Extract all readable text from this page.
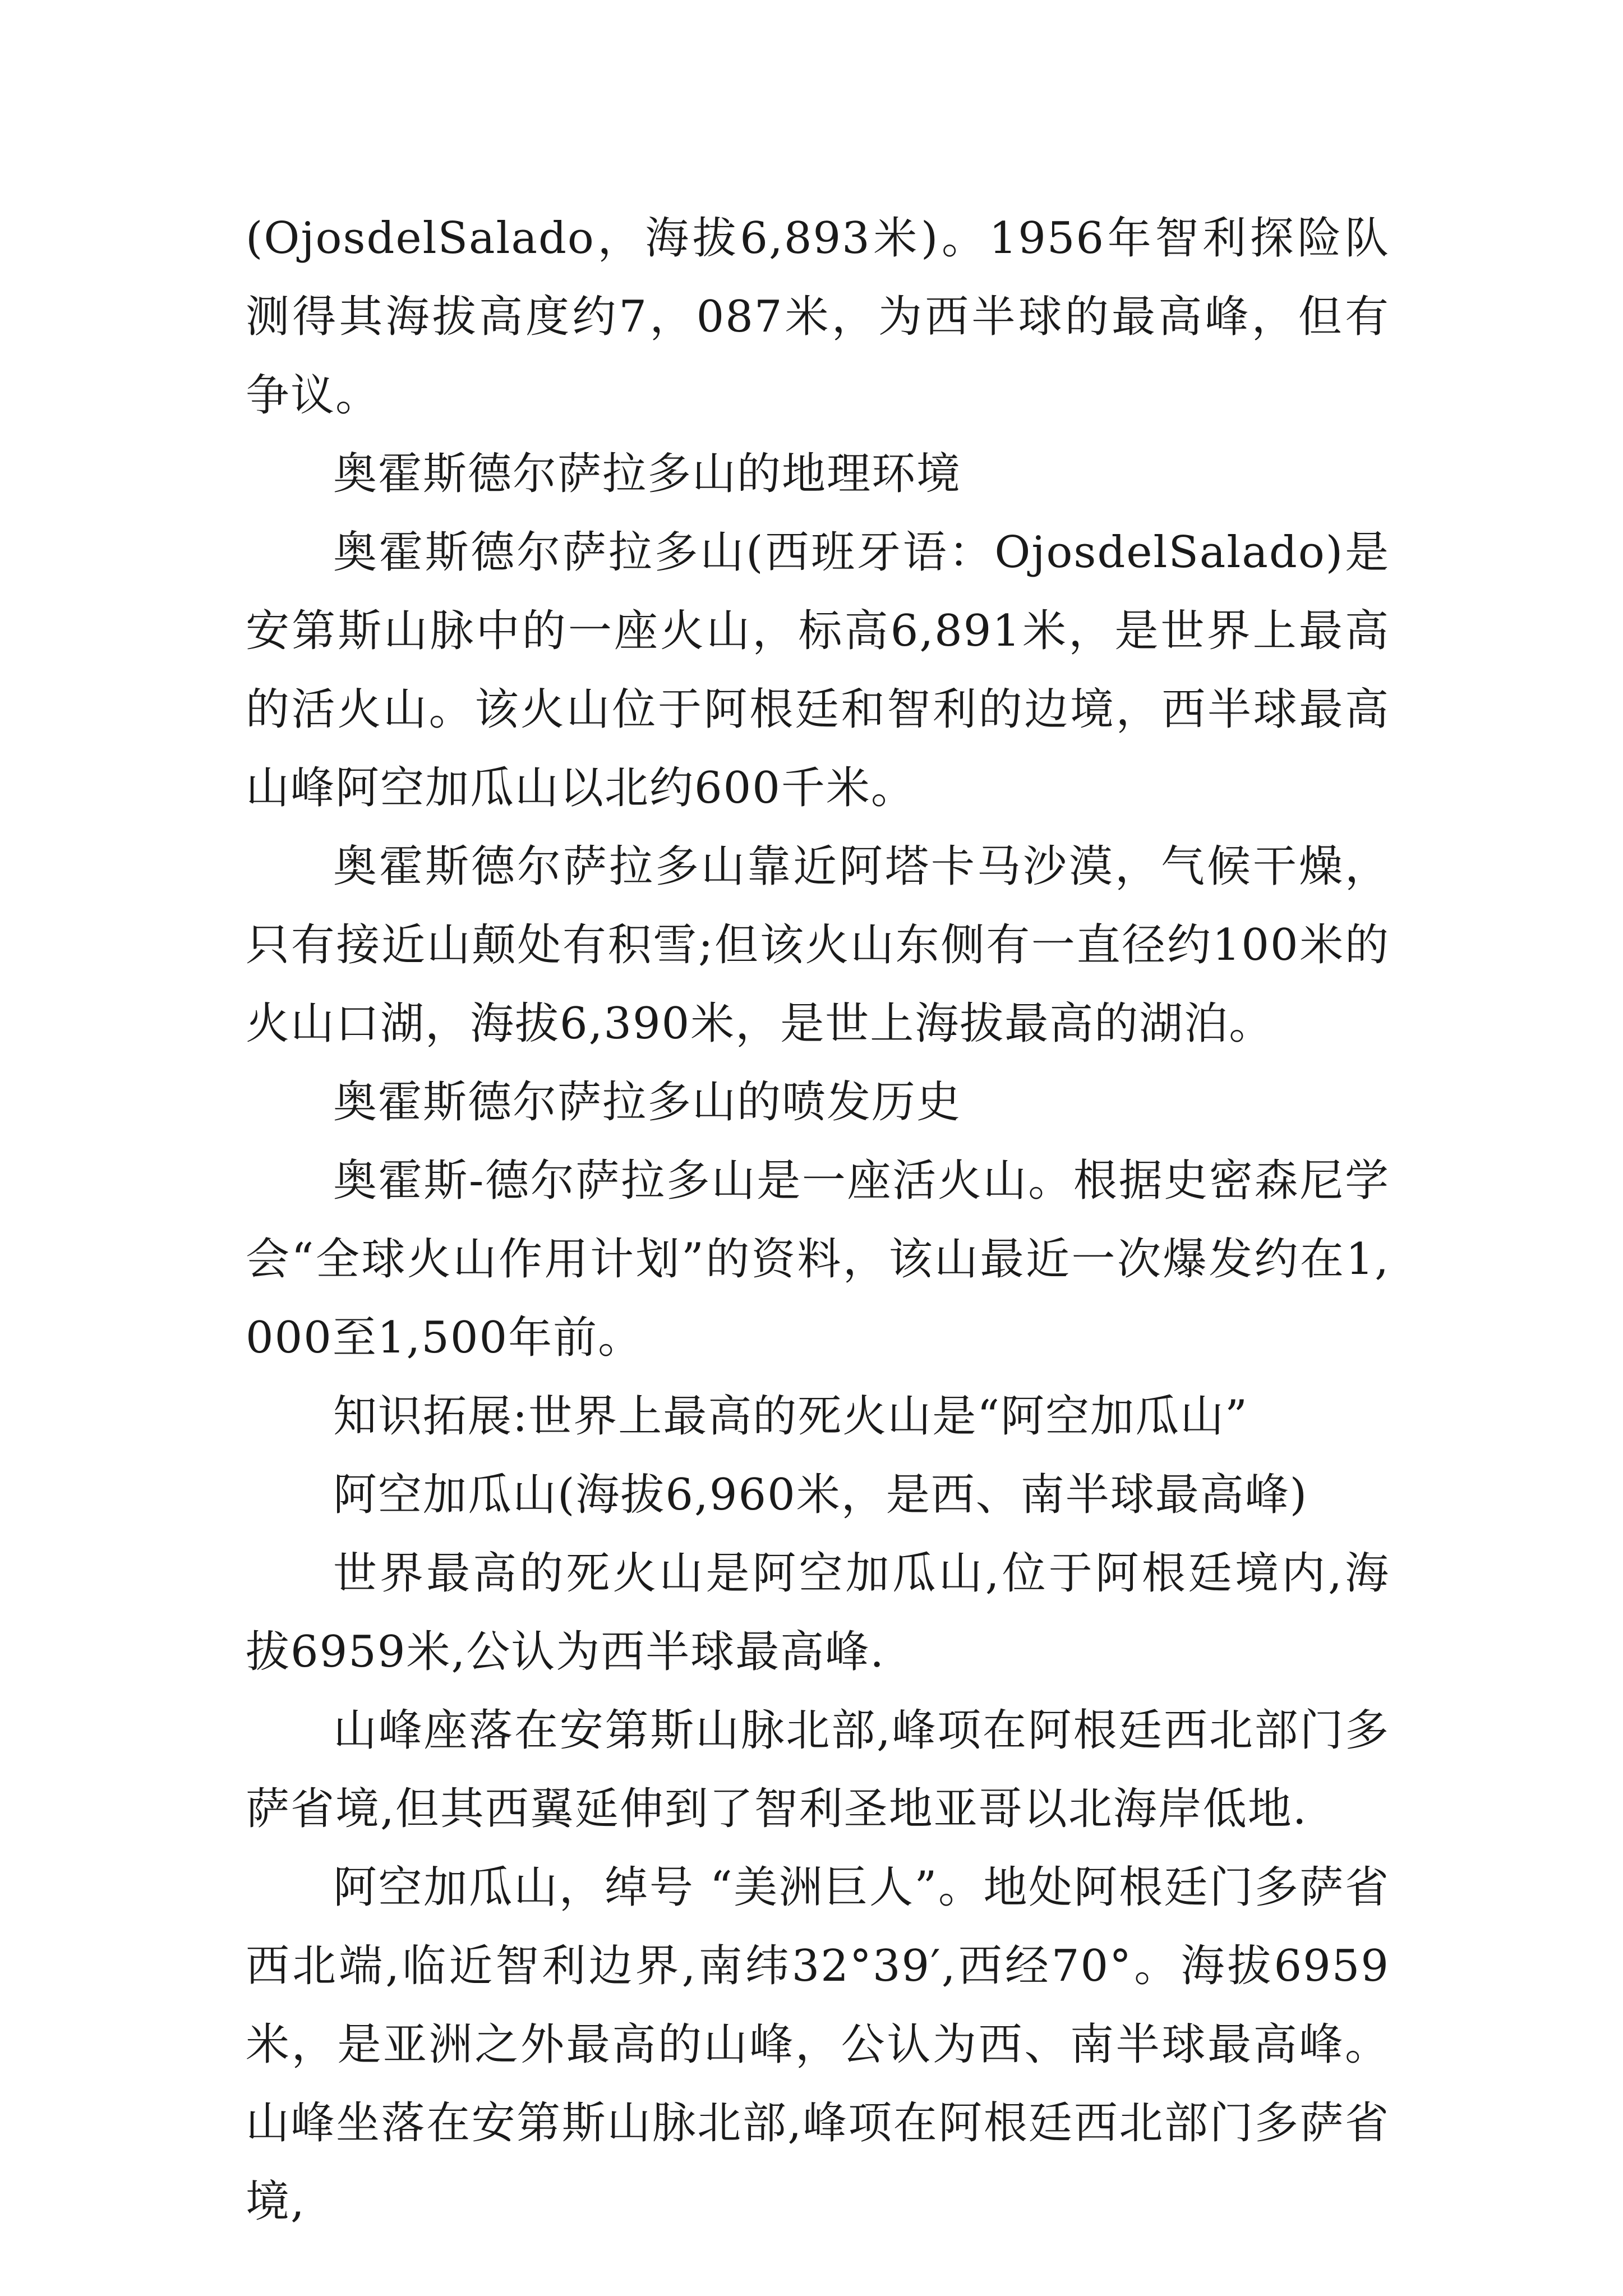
(OjosdelSalado，海拔6,893米)。1956年智利探险队测得其海拔高度约7，087米，为西半球的最高峰，但有争议。

奥霍斯德尔萨拉多山的地理环境

奥霍斯德尔萨拉多山(西班牙语：OjosdelSalado)是安第斯山脉中的一座火山，标高6,891米，是世界上最高的活火山。该火山位于阿根廷和智利的边境，西半球最高山峰阿空加瓜山以北约600千米。

奥霍斯德尔萨拉多山靠近阿塔卡马沙漠，气候干燥，只有接近山颠处有积雪;但该火山东侧有一直径约100米的火山口湖，海拔6,390米，是世上海拔最高的湖泊。

奥霍斯德尔萨拉多山的喷发历史

奥霍斯-德尔萨拉多山是一座活火山。根据史密森尼学会“全球火山作用计划”的资料，该山最近一次爆发约在1,000至1,500年前。

知识拓展:世界上最高的死火山是“阿空加瓜山”

阿空加瓜山(海拔6,960米，是西、南半球最高峰)

世界最高的死火山是阿空加瓜山,位于阿根廷境内,海拔6959米,公认为西半球最高峰.

山峰座落在安第斯山脉北部,峰项在阿根廷西北部门多萨省境,但其西翼延伸到了智利圣地亚哥以北海岸低地.

阿空加瓜山，绰号 “美洲巨人”。地处阿根廷门多萨省西北端,临近智利边界,南纬32°39′,西经70°。海拔6959米，是亚洲之外最高的山峰，公认为西、南半球最高峰。山峰坐落在安第斯山脉北部,峰项在阿根廷西北部门多萨省境,
